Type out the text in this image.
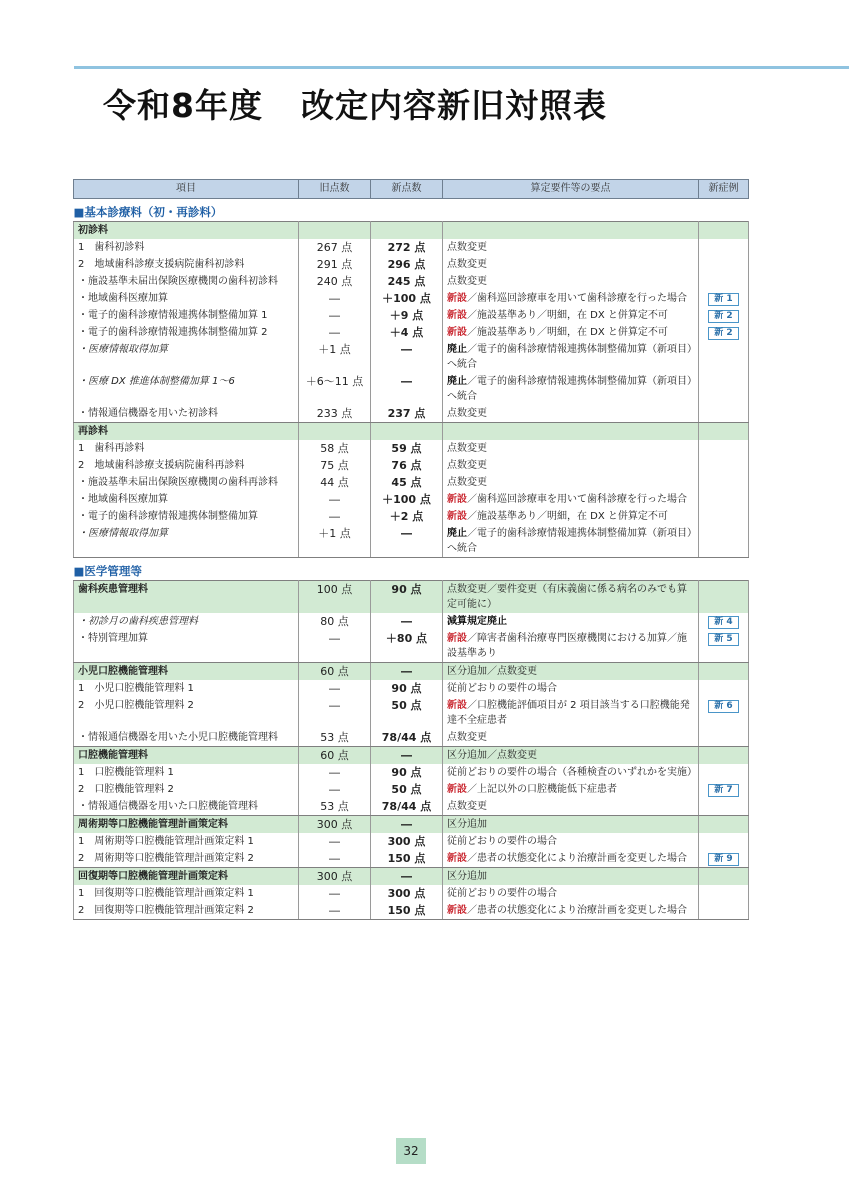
令和8年度 改定内容新旧対照表
項目	旧点数	新点数	算定要件等の要点	新症例
■基本診療料（初・再診料）				
初診料				
1　歯科初診料	267 点	272 点	点数変更	
2　地域歯科診療支援病院歯科初診料	291 点	296 点	点数変更	
・施設基準未届出保険医療機関の歯科初診料	240 点	245 点	点数変更	
・地域歯科医療加算	―	＋100 点	新設／歯科巡回診療車を用いて歯科診療を行った場合	新 1
・電子的歯科診療情報連携体制整備加算 1	―	＋9 点	新設／施設基準あり／明細，在 DX と併算定不可	新 2
・電子的歯科診療情報連携体制整備加算 2	―	＋4 点	新設／施設基準あり／明細，在 DX と併算定不可	新 2
・医療情報取得加算	＋1 点	―	廃止／電子的歯科診療情報連携体制整備加算（新項目）へ統合	
・医療 DX 推進体制整備加算 1〜6	＋6〜11 点	―	廃止／電子的歯科診療情報連携体制整備加算（新項目）へ統合	
・情報通信機器を用いた初診料	233 点	237 点	点数変更	
再診料				
1　歯科再診料	58 点	59 点	点数変更	
2　地域歯科診療支援病院歯科再診料	75 点	76 点	点数変更	
・施設基準未届出保険医療機関の歯科再診料	44 点	45 点	点数変更	
・地域歯科医療加算	―	＋100 点	新設／歯科巡回診療車を用いて歯科診療を行った場合	
・電子的歯科診療情報連携体制整備加算	―	＋2 点	新設／施設基準あり／明細，在 DX と併算定不可	
・医療情報取得加算	＋1 点	―	廃止／電子的歯科診療情報連携体制整備加算（新項目）へ統合	
■医学管理等				
歯科疾患管理料	100 点	90 点	点数変更／要件変更（有床義歯に係る病名のみでも算定可能に）	
・初診月の歯科疾患管理料	80 点	―	減算規定廃止	新 4
・特別管理加算	―	＋80 点	新設／障害者歯科治療専門医療機関における加算／施設基準あり	新 5
小児口腔機能管理料	60 点	―	区分追加／点数変更	
1　小児口腔機能管理料 1	―	90 点	従前どおりの要件の場合	
2　小児口腔機能管理料 2	―	50 点	新設／口腔機能評価項目が 2 項目該当する口腔機能発達不全症患者	新 6
・情報通信機器を用いた小児口腔機能管理料	53 点	78/44 点	点数変更	
口腔機能管理料	60 点	―	区分追加／点数変更	
1　口腔機能管理料 1	―	90 点	従前どおりの要件の場合（各種検査のいずれかを実施）	
2　口腔機能管理料 2	―	50 点	新設／上記以外の口腔機能低下症患者	新 7
・情報通信機器を用いた口腔機能管理料	53 点	78/44 点	点数変更	
周術期等口腔機能管理計画策定料	300 点	―	区分追加	
1　周術期等口腔機能管理計画策定料 1	―	300 点	従前どおりの要件の場合	
2　周術期等口腔機能管理計画策定料 2	―	150 点	新設／患者の状態変化により治療計画を変更した場合	新 9
回復期等口腔機能管理計画策定料	300 点	―	区分追加	
1　回復期等口腔機能管理計画策定料 1	―	300 点	従前どおりの要件の場合	
2　回復期等口腔機能管理計画策定料 2	―	150 点	新設／患者の状態変化により治療計画を変更した場合	
32
